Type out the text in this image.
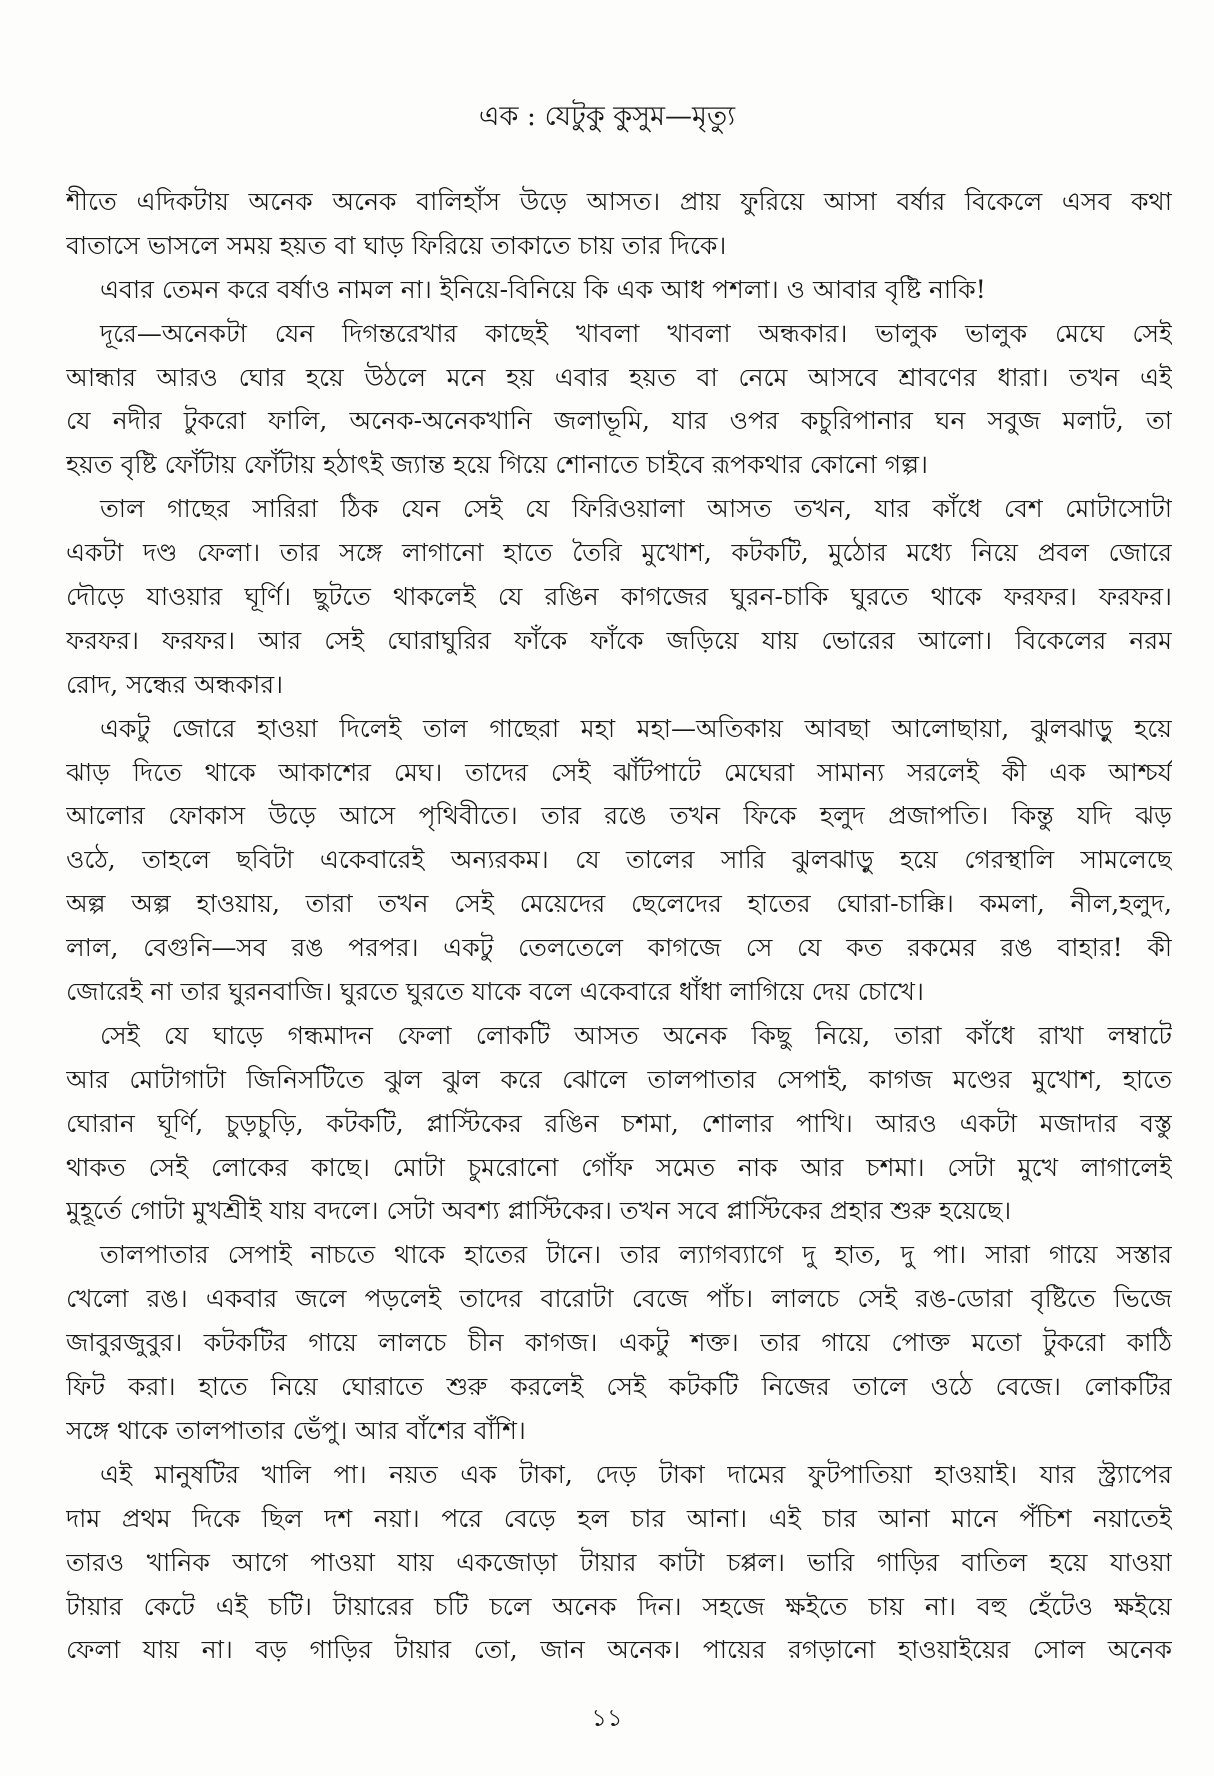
এক : যেটুকু কুসুম—মৃত্যু
শীতে এদিকটায় অনেক অনেক বালিহাঁস উড়ে আসত। প্রায় ফুরিয়ে আসা বর্ষার বিকেলে এসব কথা
বাতাসে ভাসলে সময় হয়ত বা ঘাড় ফিরিয়ে তাকাতে চায় তার দিকে।
এবার তেমন করে বর্ষাও নামল না। ইনিয়ে-বিনিয়ে কি এক আধ পশলা। ও আবার বৃষ্টি নাকি!
দূরে—অনেকটা যেন দিগন্তরেখার কাছেই খাবলা খাবলা অন্ধকার। ভালুক ভালুক মেঘে সেই
আন্ধার আরও ঘোর হয়ে উঠলে মনে হয় এবার হয়ত বা নেমে আসবে শ্রাবণের ধারা। তখন এই
যে নদীর টুকরো ফালি, অনেক-অনেকখানি জলাভূমি, যার ওপর কচুরিপানার ঘন সবুজ মলাট, তা
হয়ত বৃষ্টি ফোঁটায় ফোঁটায় হঠাৎই জ্যান্ত হয়ে গিয়ে শোনাতে চাইবে রূপকথার কোনো গল্প।
তাল গাছের সারিরা ঠিক যেন সেই যে ফিরিওয়ালা আসত তখন, যার কাঁধে বেশ মোটাসোটা
একটা দণ্ড ফেলা। তার সঙ্গে লাগানো হাতে তৈরি মুখোশ, কটকটি, মুঠোর মধ্যে নিয়ে প্রবল জোরে
দৌড়ে যাওয়ার ঘূর্ণি। ছুটতে থাকলেই যে রঙিন কাগজের ঘুরন-চাকি ঘুরতে থাকে ফরফর। ফরফর।
ফরফর। ফরফর। আর সেই ঘোরাঘুরির ফাঁকে ফাঁকে জড়িয়ে যায় ভোরের আলো। বিকেলের নরম
রোদ, সন্ধের অন্ধকার।
একটু জোরে হাওয়া দিলেই তাল গাছেরা মহা মহা—অতিকায় আবছা আলোছায়া, ঝুলঝাড়ু হয়ে
ঝাড় দিতে থাকে আকাশের মেঘ। তাদের সেই ঝাঁটপাটে মেঘেরা সামান্য সরলেই কী এক আশ্চর্য
আলোর ফোকাস উড়ে আসে পৃথিবীতে। তার রঙে তখন ফিকে হলুদ প্রজাপতি। কিন্তু যদি ঝড়
ওঠে, তাহলে ছবিটা একেবারেই অন্যরকম। যে তালের সারি ঝুলঝাড়ু হয়ে গেরস্থালি সামলেছে
অল্প অল্প হাওয়ায়, তারা তখন সেই মেয়েদের ছেলেদের হাতের ঘোরা-চাক্কি। কমলা, নীল,হলুদ,
লাল, বেগুনি—সব রঙ পরপর। একটু তেলতেলে কাগজে সে যে কত রকমের রঙ বাহার! কী
জোরেই না তার ঘুরনবাজি। ঘুরতে ঘুরতে যাকে বলে একেবারে ধাঁধা লাগিয়ে দেয় চোখে।
সেই যে ঘাড়ে গন্ধমাদন ফেলা লোকটি আসত অনেক কিছু নিয়ে, তারা কাঁধে রাখা লম্বাটে
আর মোটাগাটা জিনিসটিতে ঝুল ঝুল করে ঝোলে তালপাতার সেপাই, কাগজ মণ্ডের মুখোশ, হাতে
ঘোরান ঘূর্ণি, চুড়চুড়ি, কটকটি, প্লাস্টিকের রঙিন চশমা, শোলার পাখি। আরও একটা মজাদার বস্তু
থাকত সেই লোকের কাছে। মোটা চুমরোনো গোঁফ সমেত নাক আর চশমা। সেটা মুখে লাগালেই
মুহূর্তে গোটা মুখশ্রীই যায় বদলে। সেটা অবশ্য প্লাস্টিকের। তখন সবে প্লাস্টিকের প্রহার শুরু হয়েছে।
তালপাতার সেপাই নাচতে থাকে হাতের টানে। তার ল্যাগব্যাগে দু হাত, দু পা। সারা গায়ে সস্তার
খেলো রঙ। একবার জলে পড়লেই তাদের বারোটা বেজে পাঁচ। লালচে সেই রঙ-ডোরা বৃষ্টিতে ভিজে
জাবুরজুবুর। কটকটির গায়ে লালচে চীন কাগজ। একটু শক্ত। তার গায়ে পোক্ত মতো টুকরো কাঠি
ফিট করা। হাতে নিয়ে ঘোরাতে শুরু করলেই সেই কটকটি নিজের তালে ওঠে বেজে। লোকটির
সঙ্গে থাকে তালপাতার ভেঁপু। আর বাঁশের বাঁশি।
এই মানুষটির খালি পা। নয়ত এক টাকা, দেড় টাকা দামের ফুটপাতিয়া হাওয়াই। যার স্ট্র্যাপের
দাম প্রথম দিকে ছিল দশ নয়া। পরে বেড়ে হল চার আনা। এই চার আনা মানে পঁচিশ নয়াতেই
তারও খানিক আগে পাওয়া যায় একজোড়া টায়ার কাটা চপ্পল। ভারি গাড়ির বাতিল হয়ে যাওয়া
টায়ার কেটে এই চটি। টায়ারের চটি চলে অনেক দিন। সহজে ক্ষইতে চায় না। বহু হেঁটেও ক্ষইয়ে
ফেলা যায় না। বড় গাড়ির টায়ার তো, জান অনেক। পায়ের রগড়ানো হাওয়াইয়ের সোল অনেক
১১
